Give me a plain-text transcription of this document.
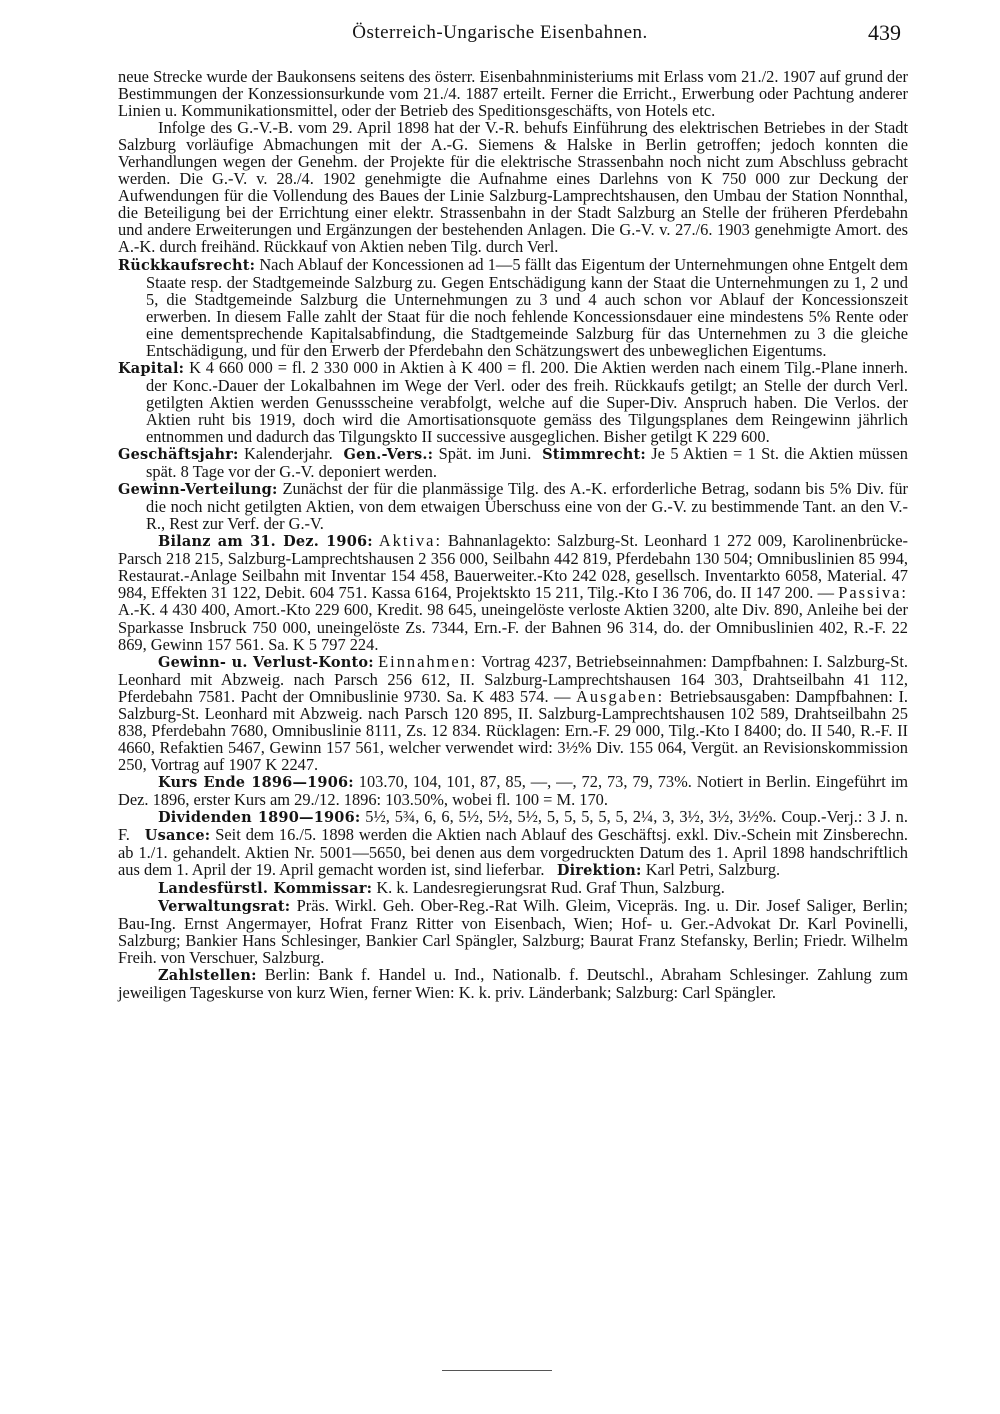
Österreich-Ungarische Eisenbahnen.	439

neue Strecke wurde der Baukonsens seitens des österr. Eisenbahnministeriums mit Erlass vom 21./2. 1907 auf grund der Bestimmungen der Konzessionsurkunde vom 21./4. 1887 erteilt. Ferner die Erricht., Erwerbung oder Pachtung anderer Linien u. Kommunikationsmittel, oder der Betrieb des Speditionsgeschäfts, von Hotels etc.

Infolge des G.-V.-B. vom 29. April 1898 hat der V.-R. behufs Einführung des elektrischen Betriebes in der Stadt Salzburg vorläufige Abmachungen mit der A.-G. Siemens & Halske in Berlin getroffen; jedoch konnten die Verhandlungen wegen der Genehm. der Projekte für die elektrische Strassenbahn noch nicht zum Abschluss gebracht werden. Die G.-V. v. 28./4. 1902 genehmigte die Aufnahme eines Darlehns von K 750 000 zur Deckung der Aufwendungen für die Vollendung des Baues der Linie Salzburg-Lamprechtshausen, den Umbau der Station Nonnthal, die Beteiligung bei der Errichtung einer elektr. Strassenbahn in der Stadt Salzburg an Stelle der früheren Pferdebahn und andere Erweiterungen und Ergänzungen der bestehenden Anlagen. Die G.-V. v. 27./6. 1903 genehmigte Amort. des A.-K. durch freihänd. Rückkauf von Aktien neben Tilg. durch Verl.

Rückkaufsrecht: Nach Ablauf der Koncessionen ad 1—5 fällt das Eigentum der Unternehmungen ohne Entgelt dem Staate resp. der Stadtgemeinde Salzburg zu. Gegen Entschädigung kann der Staat die Unternehmungen zu 1, 2 und 5, die Stadtgemeinde Salzburg die Unternehmungen zu 3 und 4 auch schon vor Ablauf der Koncessionszeit erwerben. In diesem Falle zahlt der Staat für die noch fehlende Koncessionsdauer eine mindestens 5% Rente oder eine dementsprechende Kapitalsabfindung, die Stadtgemeinde Salzburg für das Unternehmen zu 3 die gleiche Entschädigung, und für den Erwerb der Pferdebahn den Schätzungswert des unbeweglichen Eigentums.

Kapital: K 4 660 000 = fl. 2 330 000 in Aktien à K 400 = fl. 200. Die Aktien werden nach einem Tilg.-Plane innerh. der Konc.-Dauer der Lokalbahnen im Wege der Verl. oder des freih. Rückkaufs getilgt; an Stelle der durch Verl. getilgten Aktien werden Genussscheine verabfolgt, welche auf die Super-Div. Anspruch haben. Die Verlos. der Aktien ruht bis 1919, doch wird die Amortisationsquote gemäss des Tilgungsplanes dem Reingewinn jährlich entnommen und dadurch das Tilgungskto II successive ausgeglichen. Bisher getilgt K 229 600.

Geschäftsjahr: Kalenderjahr. Gen.-Vers.: Spät. im Juni. Stimmrecht: Je 5 Aktien = 1 St. die Aktien müssen spät. 8 Tage vor der G.-V. deponiert werden.

Gewinn-Verteilung: Zunächst der für die planmässige Tilg. des A.-K. erforderliche Betrag, sodann bis 5% Div. für die noch nicht getilgten Aktien, von dem etwaigen Überschuss eine von der G.-V. zu bestimmende Tant. an den V.-R., Rest zur Verf. der G.-V.

Bilanz am 31. Dez. 1906: Aktiva: Bahnanlagekto: Salzburg-St. Leonhard 1 272 009, Karolinenbrücke-Parsch 218 215, Salzburg-Lamprechtshausen 2 356 000, Seilbahn 442 819, Pferdebahn 130 504; Omnibuslinien 85 994, Restaurat.-Anlage Seilbahn mit Inventar 154 458, Bauerweiter.-Kto 242 028, gesellsch. Inventarkto 6058, Material. 47 984, Effekten 31 122, Debit. 604 751. Kassa 6164, Projektskto 15 211, Tilg.-Kto I 36 706, do. II 147 200. — Passiva: A.-K. 4 430 400, Amort.-Kto 229 600, Kredit. 98 645, uneingelöste verloste Aktien 3200, alte Div. 890, Anleihe bei der Sparkasse Insbruck 750 000, uneingelöste Zs. 7344, Ern.-F. der Bahnen 96 314, do. der Omnibuslinien 402, R.-F. 22 869, Gewinn 157 561. Sa. K 5 797 224.

Gewinn- u. Verlust-Konto: Einnahmen: Vortrag 4237, Betriebseinnahmen: Dampfbahnen: I. Salzburg-St. Leonhard mit Abzweig. nach Parsch 256 612, II. Salzburg-Lamprechtshausen 164 303, Drahtseilbahn 41 112, Pferdebahn 7581. Pacht der Omnibuslinie 9730. Sa. K 483 574. — Ausgaben: Betriebsausgaben: Dampfbahnen: I. Salzburg-St. Leonhard mit Abzweig. nach Parsch 120 895, II. Salzburg-Lamprechtshausen 102 589, Drahtseilbahn 25 838, Pferdebahn 7680, Omnibuslinie 8111, Zs. 12 834. Rücklagen: Ern.-F. 29 000, Tilg.-Kto I 8400; do. II 540, R.-F. II 4660, Refaktien 5467, Gewinn 157 561, welcher verwendet wird: 3½% Div. 155 064, Vergüt. an Revisionskommission 250, Vortrag auf 1907 K 2247.

Kurs Ende 1896—1906: 103.70, 104, 101, 87, 85, —, —, 72, 73, 79, 73%. Notiert in Berlin. Eingeführt im Dez. 1896, erster Kurs am 29./12. 1896: 103.50%, wobei fl. 100 = M. 170.

Dividenden 1890—1906: 5½, 5¾, 6, 6, 5½, 5½, 5½, 5, 5, 5, 5, 5, 2¼, 3, 3½, 3½, 3½%. Coup.-Verj.: 3 J. n. F. Usance: Seit dem 16./5. 1898 werden die Aktien nach Ablauf des Geschäftsj. exkl. Div.-Schein mit Zinsberechn. ab 1./1. gehandelt. Aktien Nr. 5001—5650, bei denen aus dem vorgedruckten Datum des 1. April 1898 handschriftlich aus dem 1. April der 19. April gemacht worden ist, sind lieferbar. Direktion: Karl Petri, Salzburg.

Landesfürstl. Kommissar: K. k. Landesregierungsrat Rud. Graf Thun, Salzburg.

Verwaltungsrat: Präs. Wirkl. Geh. Ober-Reg.-Rat Wilh. Gleim, Vicepräs. Ing. u. Dir. Josef Saliger, Berlin; Bau-Ing. Ernst Angermayer, Hofrat Franz Ritter von Eisenbach, Wien; Hof- u. Ger.-Advokat Dr. Karl Povinelli, Salzburg; Bankier Hans Schlesinger, Bankier Carl Spängler, Salzburg; Baurat Franz Stefansky, Berlin; Friedr. Wilhelm Freih. von Verschuer, Salzburg.

Zahlstellen: Berlin: Bank f. Handel u. Ind., Nationalb. f. Deutschl., Abraham Schlesinger. Zahlung zum jeweiligen Tageskurse von kurz Wien, ferner Wien: K. k. priv. Länderbank; Salzburg: Carl Spängler.
